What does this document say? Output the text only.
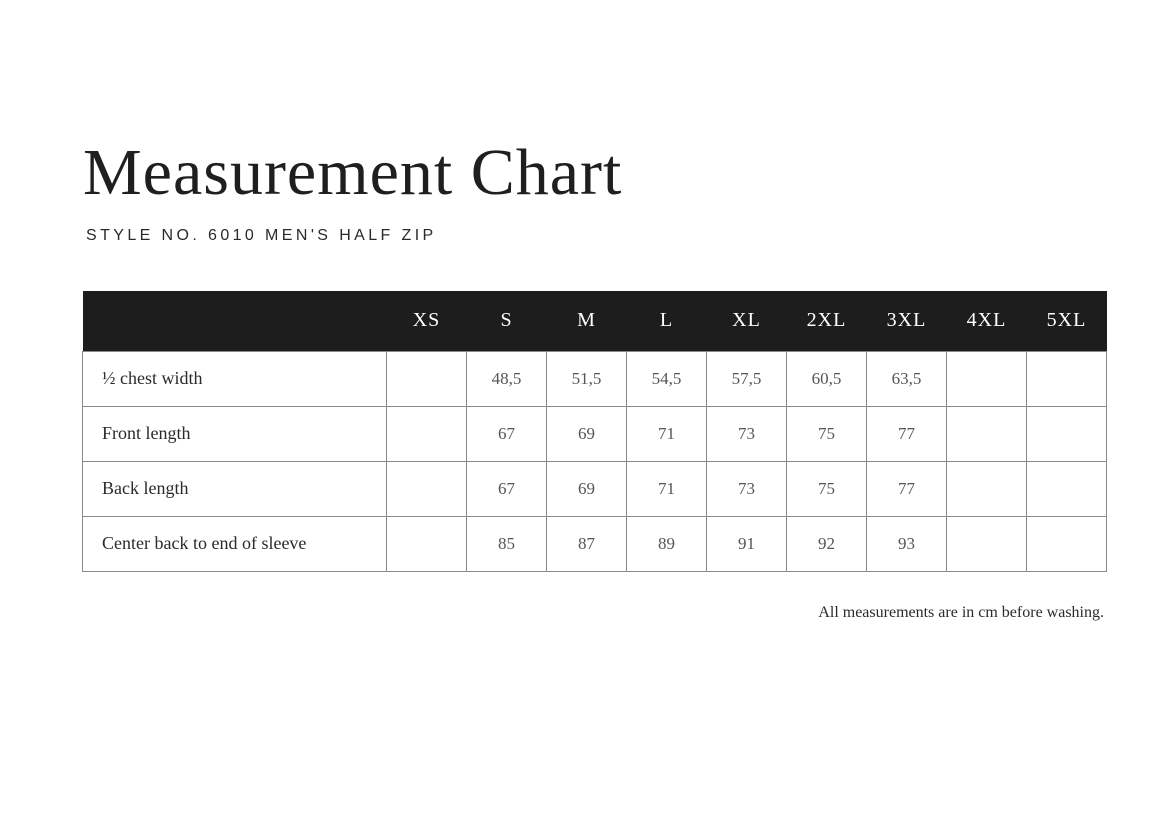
Measurement Chart

STYLE NO. 6010 MEN'S HALF ZIP

	XS	S	M	L	XL	2XL	3XL	4XL	5XL
½ chest width		48,5	51,5	54,5	57,5	60,5	63,5		
Front length		67	69	71	73	75	77		
Back length		67	69	71	73	75	77		
Center back to end of sleeve		85	87	89	91	92	93		

All measurements are in cm before washing.
